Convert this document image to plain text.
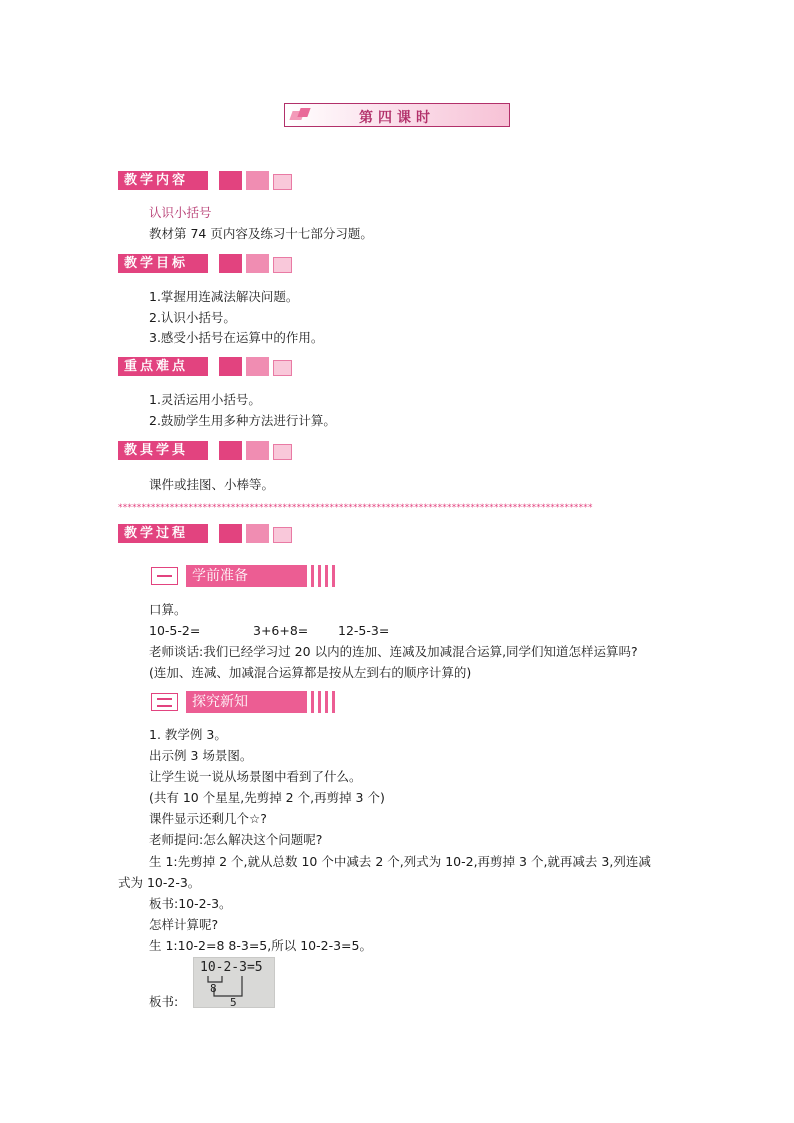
第四课时
教学内容
认识小括号
教材第 74 页内容及练习十七部分习题。
教学目标
1.掌握用连减法解决问题。
2.认识小括号。
3.感受小括号在运算中的作用。
重点难点
1.灵活运用小括号。
2.鼓励学生用多种方法进行计算。
教具学具
课件或挂图、小棒等。
*****************************************************************************************************
教学过程
学前准备
口算。
10-5-2=	3+6+8= 12-5-3=
老师谈话:我们已经学习过 20 以内的连加、连减及加减混合运算,同学们知道怎样运算吗?
(连加、连减、加减混合运算都是按从左到右的顺序计算的)
探究新知
1. 教学例 3。
出示例 3 场景图。
让学生说一说从场景图中看到了什么。
(共有 10 个星星,先剪掉 2 个,再剪掉 3 个)
课件显示还剩几个☆?
老师提问:怎么解决这个问题呢?
生 1:先剪掉 2 个,就从总数 10 个中减去 2 个,列式为 10-2,再剪掉 3 个,就再减去 3,列连减
式为 10-2-3。
板书:10-2-3。
怎样计算呢?
生 1:10-2=8 8-3=5,所以 10-2-3=5。
10-2-3=5
8
5
板书:
